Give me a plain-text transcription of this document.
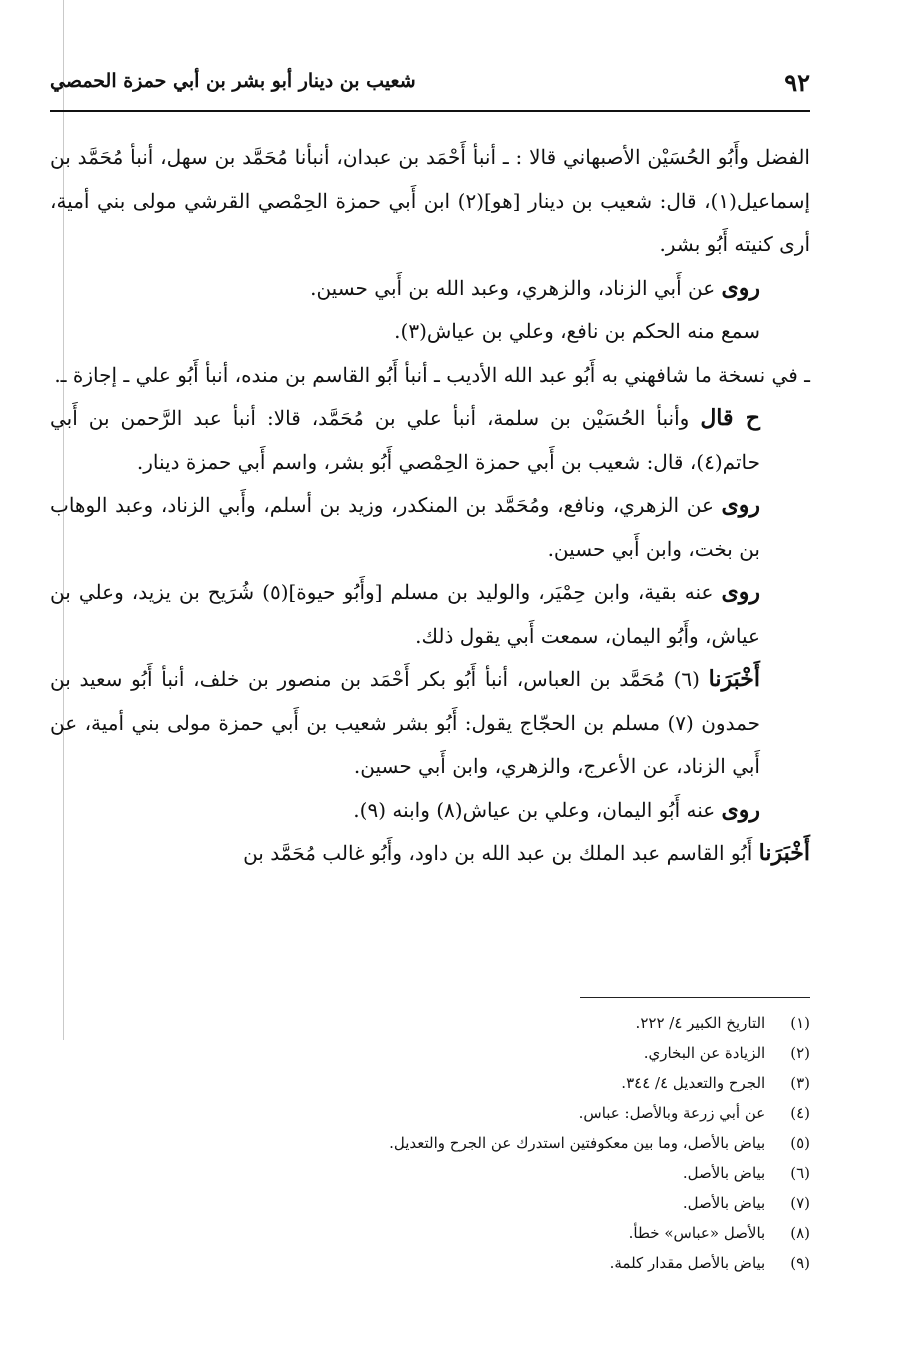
٩٢
شعيب بن دينار أبو بشر بن أبي حمزة الحمصي

الفضل وأَبُو الحُسَيْن الأصبهاني قالا : ـ أنبأ أَحْمَد بن عبدان، أنبأنا مُحَمَّد بن سهل، أنبأ مُحَمَّد بن إسماعيل(١)، قال: شعيب بن دينار [هو](٢) ابن أَبي حمزة الحِمْصي القرشي مولى بني أمية، أرى كنيته أَبُو بشر.

روى عن أَبي الزناد، والزهري، وعبد الله بن أَبي حسين.

سمع منه الحكم بن نافع، وعلي بن عياش(٣).

ـ في نسخة ما شافهني به أَبُو عبد الله الأديب ـ أنبأ أَبُو القاسم بن منده، أنبأ أَبُو علي ـ إجازة ـ.

ح قال وأنبأ الحُسَيْن بن سلمة، أنبأ علي بن مُحَمَّد، قالا: أنبأ عبد الرَّحمن بن أَبي حاتم(٤)، قال: شعيب بن أَبي حمزة الحِمْصي أَبُو بشر، واسم أَبي حمزة دينار.

روى عن الزهري، ونافع، ومُحَمَّد بن المنكدر، وزيد بن أسلم، وأَبي الزناد، وعبد الوهاب بن بخت، وابن أَبي حسين.

روى عنه بقية، وابن حِمْيَر، والوليد بن مسلم [وأَبُو حيوة](٥) شُرَيح بن يزيد، وعلي بن عياش، وأَبُو اليمان، سمعت أَبي يقول ذلك.

أَخْبَرَنا (٦) مُحَمَّد بن العباس، أنبأ أَبُو بكر أَحْمَد بن منصور بن خلف، أنبأ أَبُو سعيد بن حمدون (٧) مسلم بن الحجّاج يقول: أَبُو بشر شعيب بن أَبي حمزة مولى بني أمية، عن أَبي الزناد، عن الأعرج، والزهري، وابن أَبي حسين.

روى عنه أَبُو اليمان، وعلي بن عياش(٨) وابنه (٩).

أَخْبَرَنا أَبُو القاسم عبد الملك بن عبد الله بن داود، وأَبُو غالب مُحَمَّد بن

(١) التاريخ الكبير ٤/ ٢٢٢.
(٢) الزيادة عن البخاري.
(٣) الجرح والتعديل ٤/ ٣٤٤.
(٤) عن أبي زرعة وبالأصل: عباس.
(٥) بياض بالأصل، وما بين معكوفتين استدرك عن الجرح والتعديل.
(٦) بياض بالأصل.
(٧) بياض بالأصل.
(٨) بالأصل «عباس» خطأ.
(٩) بياض بالأصل مقدار كلمة.
